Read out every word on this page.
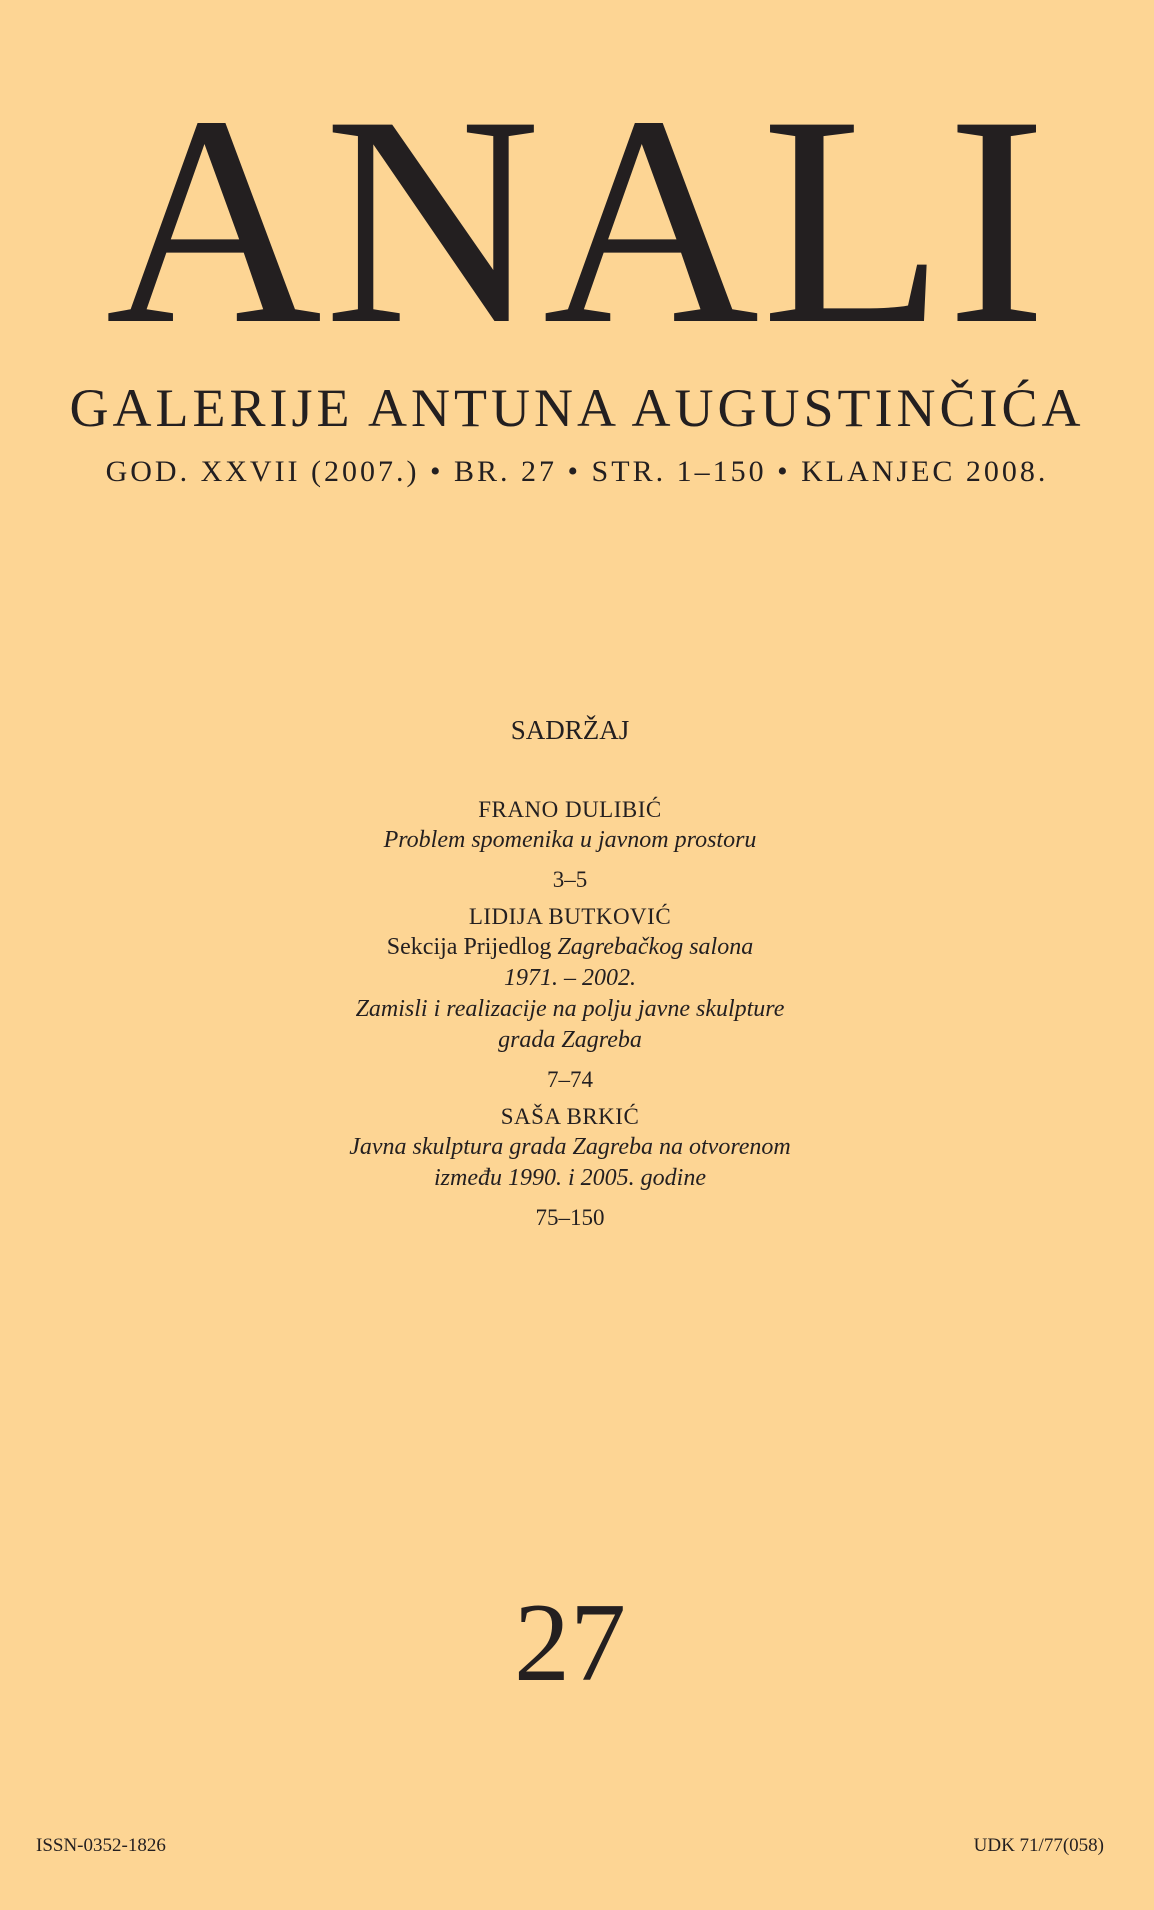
ANALI

GALERIJE ANTUNA AUGUSTINČIĆA

GOD. XXVII (2007.) • BR. 27 • STR. 1–150 • KLANJEC 2008.

SADRŽAJ
FRANO DULIBIĆ
Problem spomenika u javnom prostoru
3–5
LIDIJA BUTKOVIĆ
Sekcija Prijedlog Zagrebačkog salona
1971. – 2002.
Zamisli i realizacije na polju javne skulpture
grada Zagreba
7–74
SAŠA BRKIĆ
Javna skulptura grada Zagreba na otvorenom
između 1990. i 2005. godine
75–150

27

ISSN-0352-1826	UDK 71/77(058)
